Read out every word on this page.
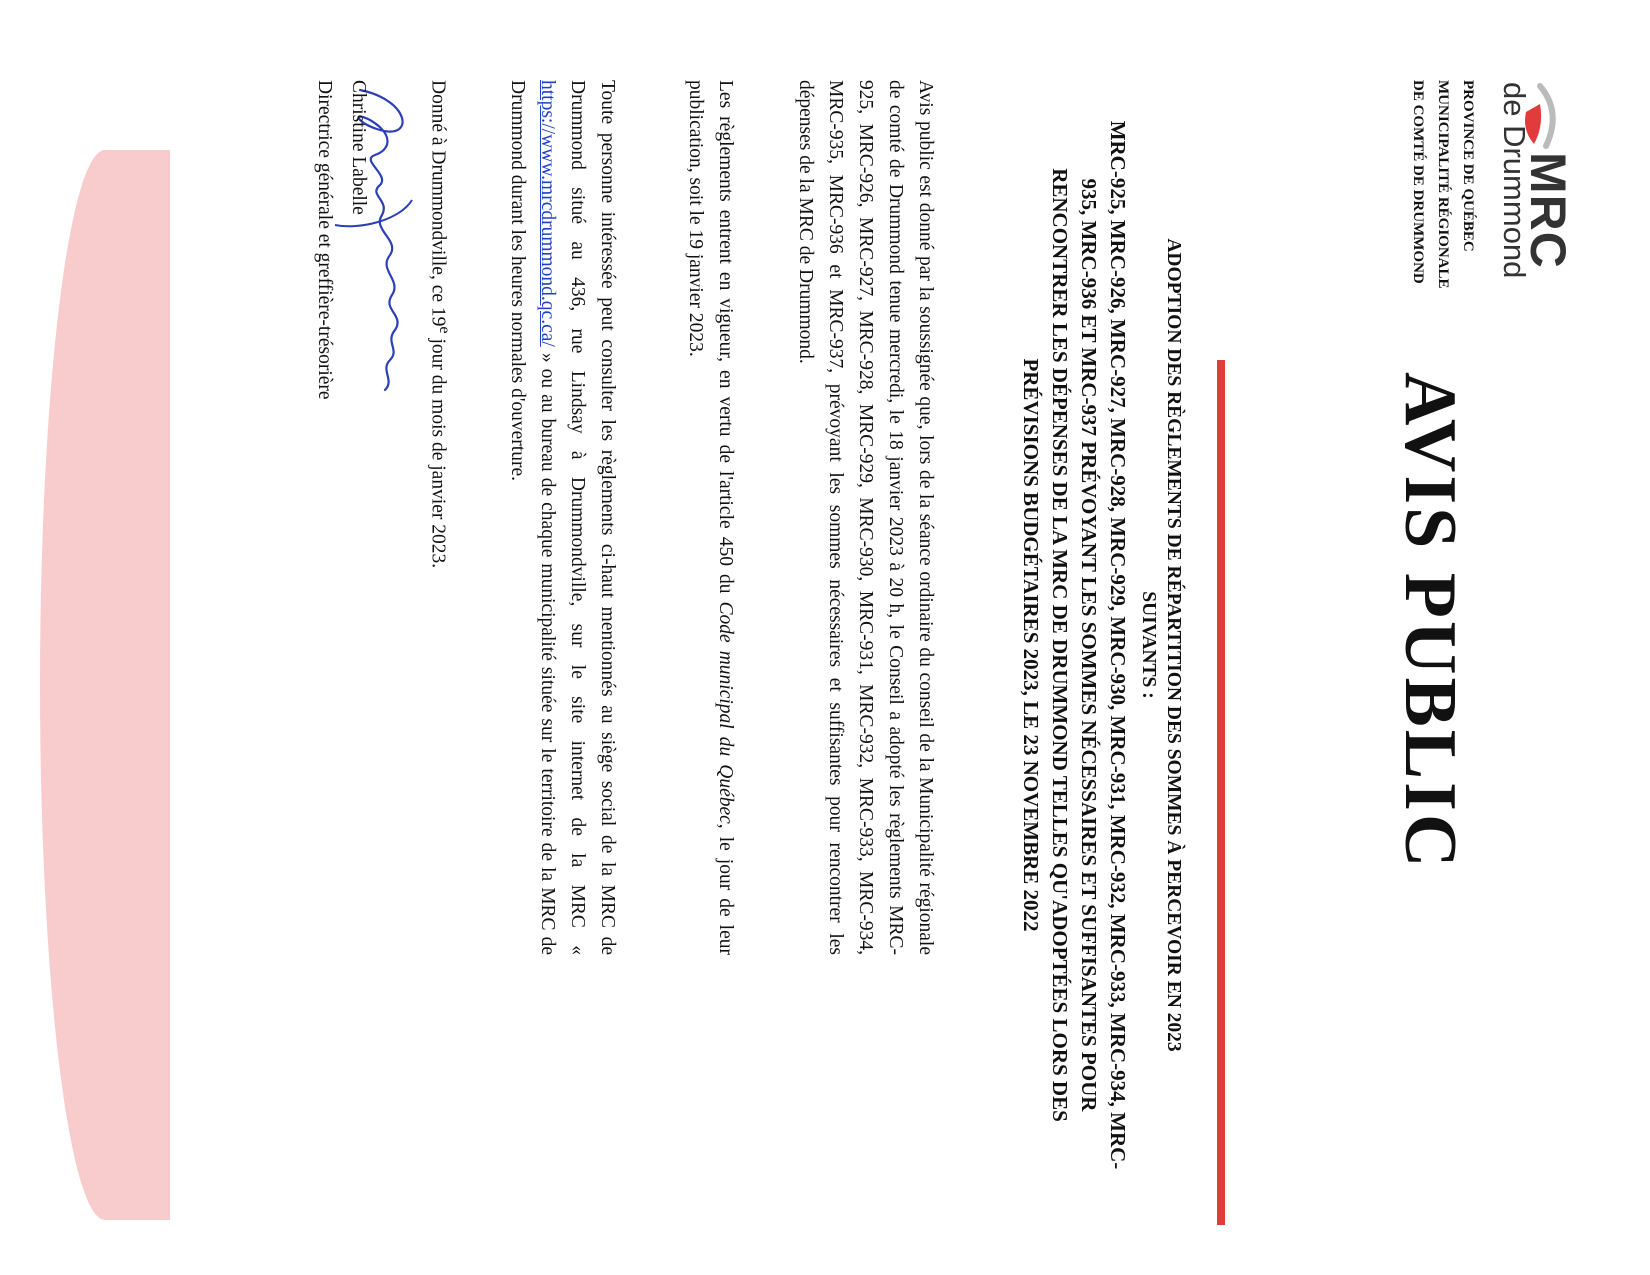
MRC
de Drummond
PROVINCE DE QUÉBEC
MUNICIPALITÉ RÉGIONALE
DE COMTÉ DE DRUMMOND
AVIS PUBLIC
ADOPTION DES RÈGLEMENTS DE RÉPARTITION DES SOMMES À PERCEVOIR EN 2023
SUIVANTS :
MRC-925, MRC-926, MRC-927, MRC-928, MRC-929, MRC-930, MRC-931, MRC-932, MRC-933, MRC-934, MRC-935, MRC-936 ET MRC-937 PRÉVOYANT LES SOMMES NÉCESSAIRES ET SUFFISANTES POUR RENCONTRER LES DÉPENSES DE LA MRC DE DRUMMOND TELLES QU'ADOPTÉES LORS DES PRÉVISIONS BUDGÉTAIRES 2023, LE 23 NOVEMBRE 2022

Avis public est donné par la soussignée que, lors de la séance ordinaire du conseil de la Municipalité régionale de comté de Drummond tenue mercredi, le 18 janvier 2023 à 20 h, le Conseil a adopté les règlements MRC-925, MRC-926, MRC-927, MRC-928, MRC-929, MRC-930, MRC-931, MRC-932, MRC-933, MRC-934, MRC-935, MRC-936 et MRC-937, prévoyant les sommes nécessaires et suffisantes pour rencontrer les dépenses de la MRC de Drummond.

Les règlements entrent en vigueur, en vertu de l'article 450 du Code municipal du Québec, le jour de leur publication, soit le 19 janvier 2023.

Toute personne intéressée peut consulter les règlements ci-haut mentionnés au siège social de la MRC de Drummond situé au 436, rue Lindsay à Drummondville, sur le site internet de la MRC « https://www.mrcdrummond.qc.ca/ » ou au bureau de chaque municipalité située sur le territoire de la MRC de Drummond durant les heures normales d'ouverture.

Donné à Drummondville, ce 19e jour du mois de janvier 2023.

Christine Labelle
Directrice générale et greffière-trésorière
